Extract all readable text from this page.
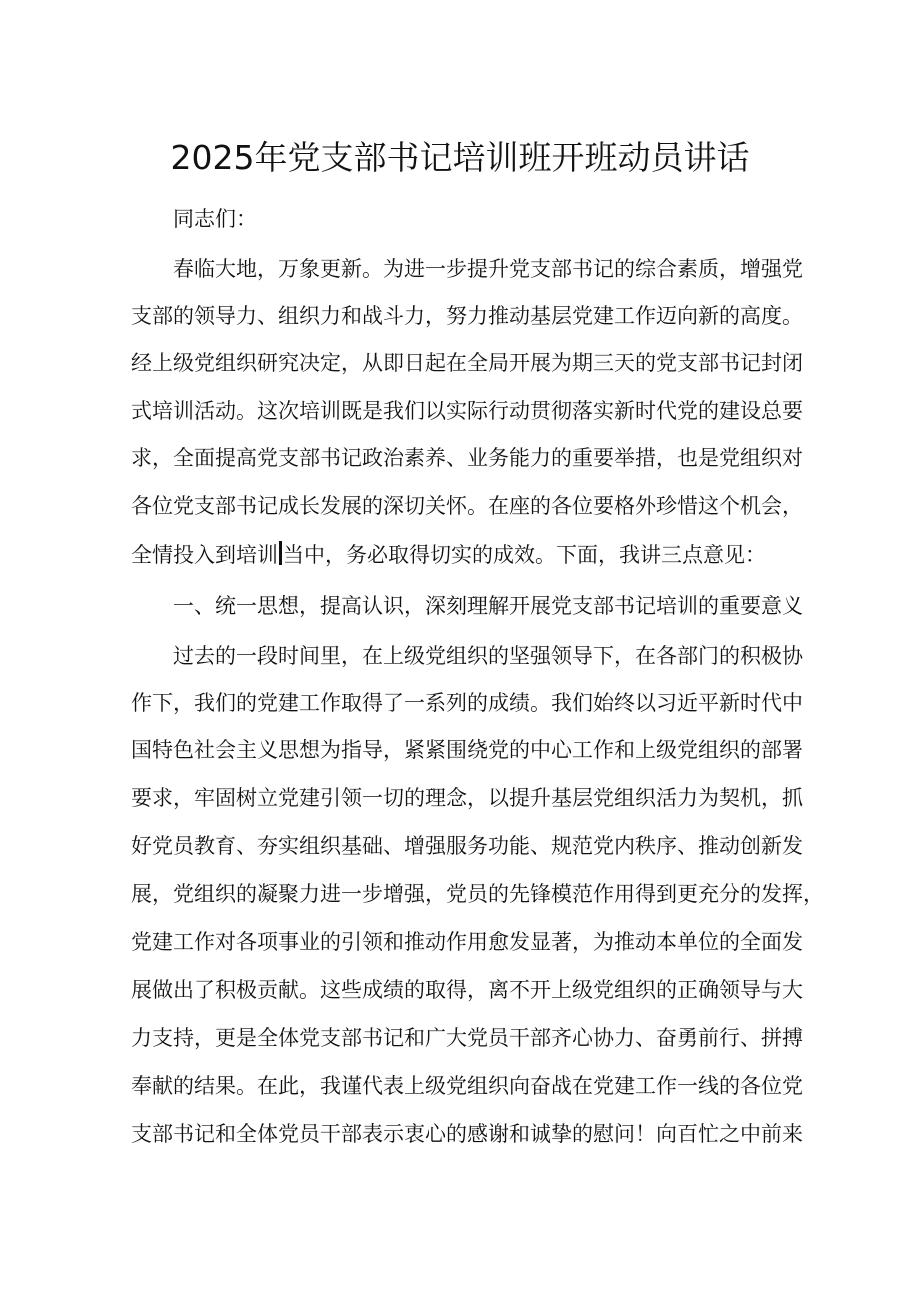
2025年党支部书记培训班开班动员讲话

同志们：

春临大地，万象更新。为进一步提升党支部书记的综合素质，增强党

支部的领导力、组织力和战斗力，努力推动基层党建工作迈向新的高度。

经上级党组织研究决定，从即日起在全局开展为期三天的党支部书记封闭

式培训活动。这次培训既是我们以实际行动贯彻落实新时代党的建设总要

求，全面提高党支部书记政治素养、业务能力的重要举措，也是党组织对

各位党支部书记成长发展的深切关怀。在座的各位要格外珍惜这个机会，

全情投入到培训 当中，务必取得切实的成效。下面，我讲三点意见：

一、统一思想，提高认识，深刻理解开展党支部书记培训的重要意义

过去的一段时间里，在上级党组织的坚强领导下，在各部门的积极协

作下，我们的党建工作取得了一系列的成绩。我们始终以习近平新时代中

国特色社会主义思想为指导，紧紧围绕党的中心工作和上级党组织的部署

要求，牢固树立党建引领一切的理念，以提升基层党组织活力为契机，抓

好党员教育、夯实组织基础、增强服务功能、规范党内秩序、推动创新发

展，党组织的凝聚力进一步增强，党员的先锋模范作用得到更充分的发挥，

党建工作对各项事业的引领和推动作用愈发显著，为推动本单位的全面发

展做出了积极贡献。这些成绩的取得，离不开上级党组织的正确领导与大

力支持，更是全体党支部书记和广大党员干部齐心协力、奋勇前行、拼搏

奉献的结果。在此，我谨代表上级党组织向奋战在党建工作一线的各位党

支部书记和全体党员干部表示衷心的感谢和诚挚的慰问！向百忙之中前来
